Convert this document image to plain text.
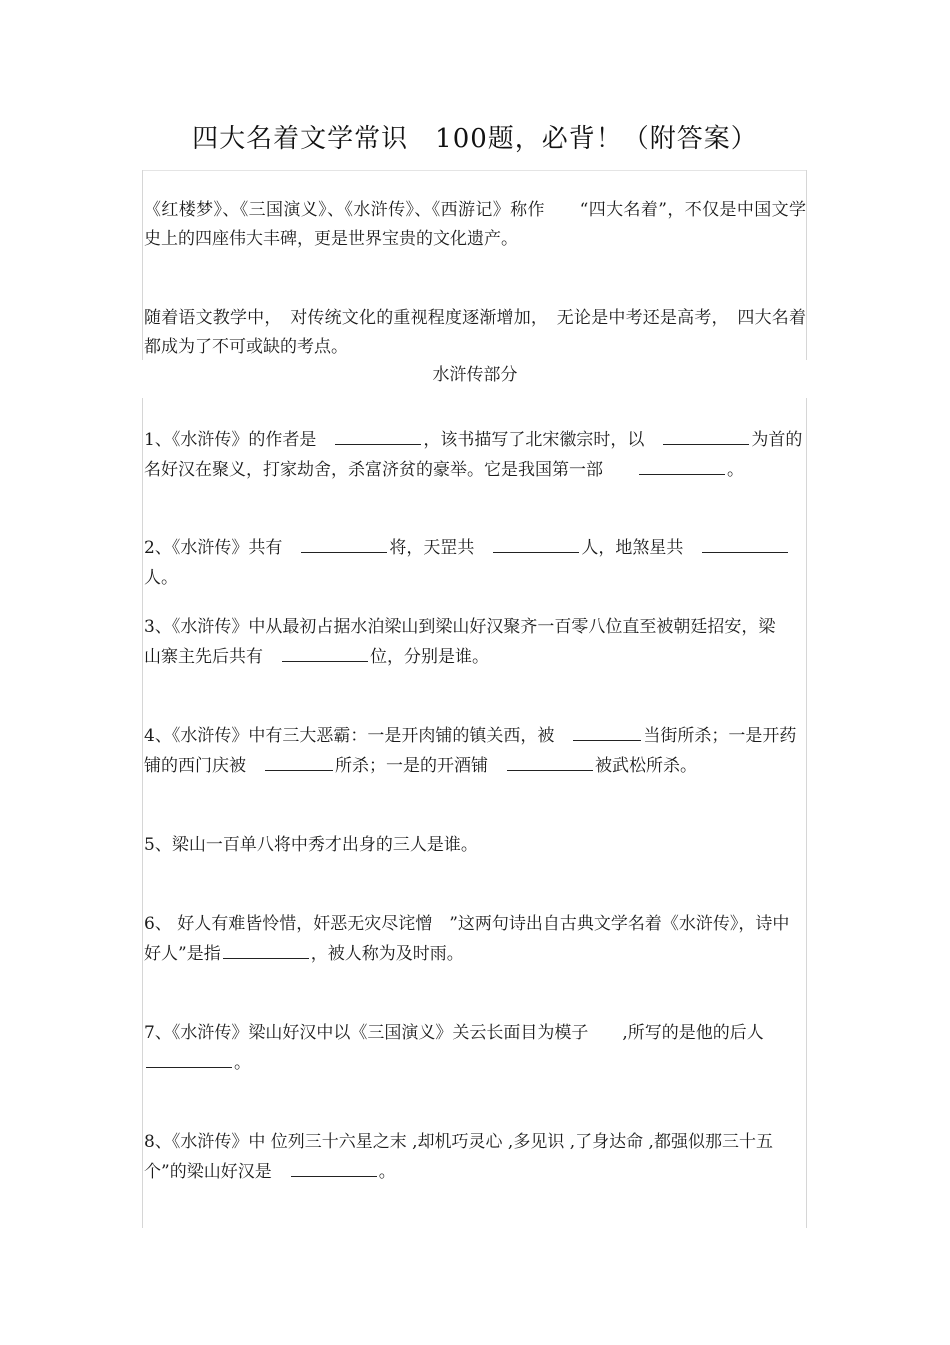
四大名着文学常识　100题，必背！（附答案）
《红楼梦》、《三国演义》、《水浒传》、《西游记》称作　　“四大名着”，不仅是中国文学史上的四座伟大丰碑，更是世界宝贵的文化遗产。
随着语文教学中，　对传统文化的重视程度逐渐增加，　无论是中考还是高考，　四大名着都成为了不可或缺的考点。
水浒传部分
1、《水浒传》的作者是　	，该书描写了北宋徽宗时，以　	为首的名好汉在聚义，打家劫舍，杀富济贫的豪举。它是我国第一部　　	。
2、《水浒传》共有　	将，天罡共　	人，地煞星共　人。
3、《水浒传》中从最初占据水泊梁山到梁山好汉聚齐一百零八位直至被朝廷招安，梁山寨主先后共有　	位，分别是谁。
4、《水浒传》中有三大恶霸：一是开肉铺的镇关西，被　	当街所杀；一是开药铺的西门庆被　	所杀；一是的开酒铺　	被武松所杀。
5、梁山一百单八将中秀才出身的三人是谁。
6、 好人有难皆怜惜，奸恶无灾尽诧憎　”这两句诗出自古典文学名着《水浒传》，诗中 好人”是指	，被人称为及时雨。
7、《水浒传》梁山好汉中以《三国演义》关云长面目为模子　　,所写的是他的后人。
8、《水浒传》中 位列三十六星之末 ,却机巧灵心 ,多见识 ,了身达命 ,都强似那三十五个”的梁山好汉是　	。
